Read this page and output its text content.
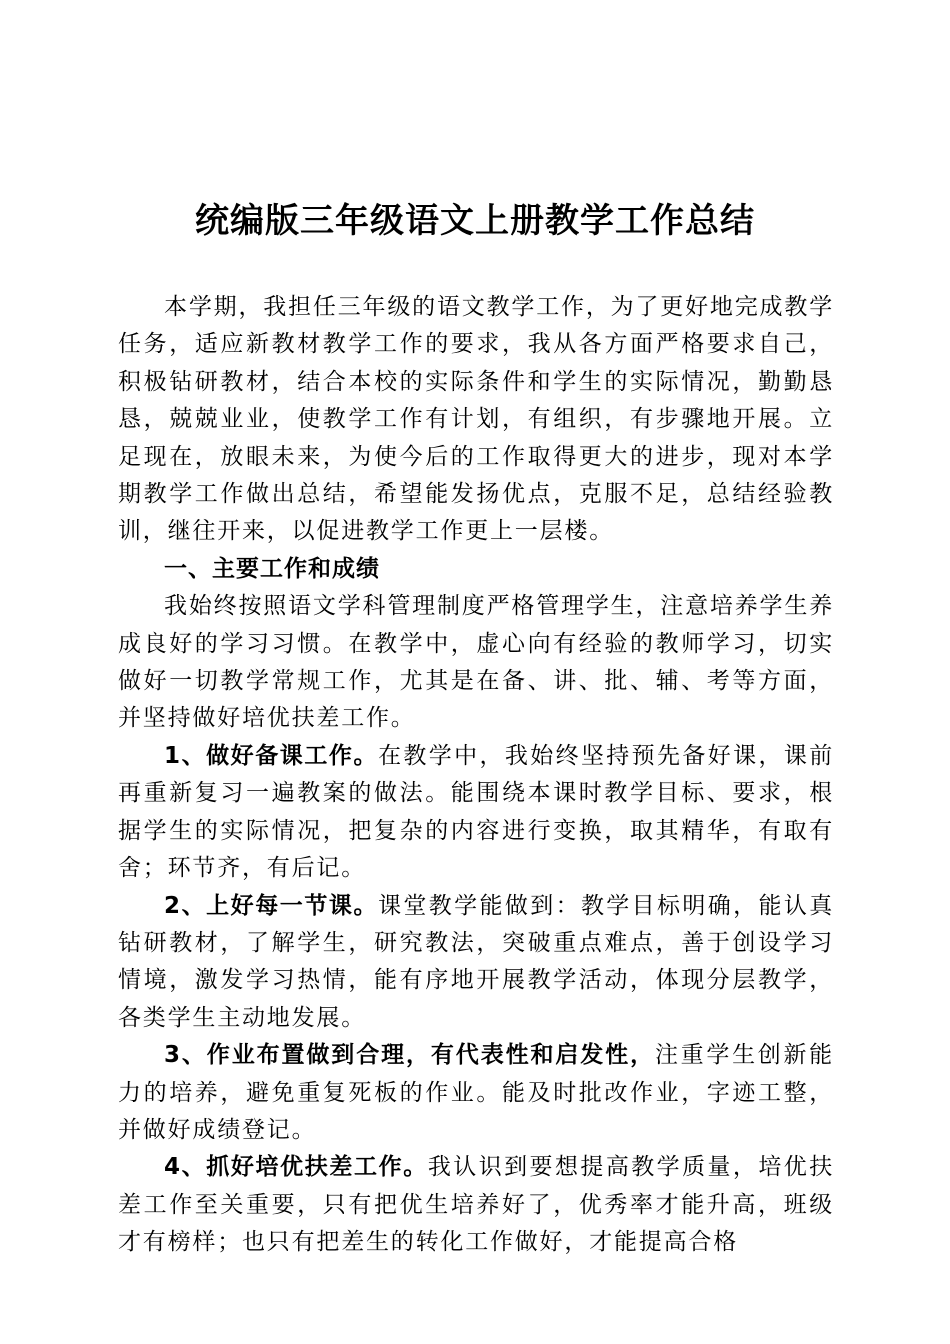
统编版三年级语文上册教学工作总结

本学期，我担任三年级的语文教学工作，为了更好地完成教学任务，适应新教材教学工作的要求，我从各方面严格要求自己，积极钻研教材，结合本校的实际条件和学生的实际情况，勤勤恳恳，兢兢业业，使教学工作有计划，有组织，有步骤地开展。立足现在，放眼未来，为使今后的工作取得更大的进步，现对本学期教学工作做出总结，希望能发扬优点，克服不足，总结经验教训，继往开来，以促进教学工作更上一层楼。

一、主要工作和成绩

我始终按照语文学科管理制度严格管理学生，注意培养学生养成良好的学习习惯。在教学中，虚心向有经验的教师学习，切实做好一切教学常规工作，尤其是在备、讲、批、辅、考等方面，并坚持做好培优扶差工作。

1、做好备课工作。在教学中，我始终坚持预先备好课，课前再重新复习一遍教案的做法。能围绕本课时教学目标、要求，根据学生的实际情况，把复杂的内容进行变换，取其精华，有取有舍；环节齐，有后记。

2、上好每一节课。课堂教学能做到：教学目标明确，能认真钻研教材，了解学生，研究教法，突破重点难点，善于创设学习情境，激发学习热情，能有序地开展教学活动，体现分层教学，各类学生主动地发展。

3、作业布置做到合理，有代表性和启发性，注重学生创新能力的培养，避免重复死板的作业。能及时批改作业，字迹工整，并做好成绩登记。

4、抓好培优扶差工作。我认识到要想提高教学质量，培优扶差工作至关重要，只有把优生培养好了，优秀率才能升高，班级才有榜样；也只有把差生的转化工作做好，才能提高合格
